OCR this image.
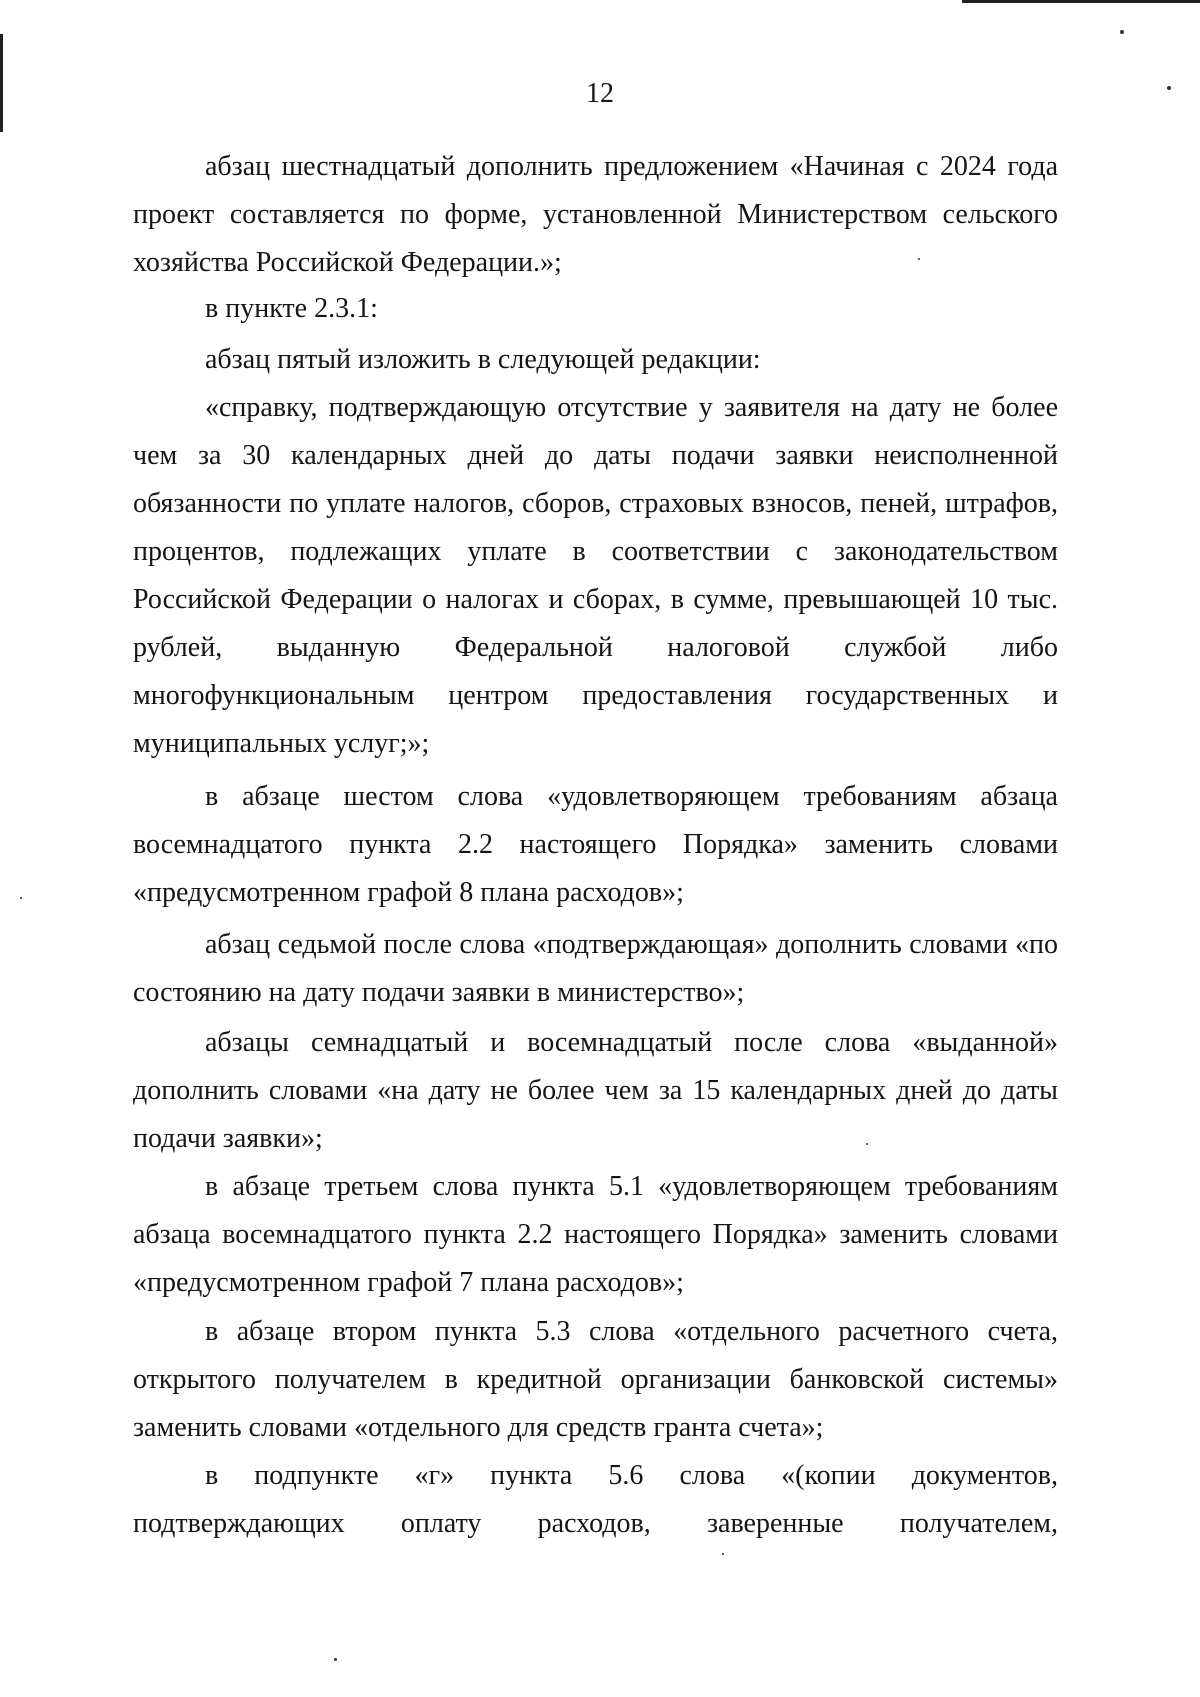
12

абзац шестнадцатый дополнить предложением «Начиная с 2024 года проект составляется по форме, установленной Министерством сельского хозяйства Российской Федерации.»;

в пункте 2.3.1:

абзац пятый изложить в следующей редакции:

«справку, подтверждающую отсутствие у заявителя на дату не более чем за 30 календарных дней до даты подачи заявки неисполненной обязанности по уплате налогов, сборов, страховых взносов, пеней, штрафов, процентов, подлежащих уплате в соответствии с законодательством Российской Федерации о налогах и сборах, в сумме, превышающей 10 тыс. рублей, выданную Федеральной налоговой службой либо многофункциональным центром предоставления государственных и муниципальных услуг;»;

в абзаце шестом слова «удовлетворяющем требованиям абзаца восемнадцатого пункта 2.2 настоящего Порядка» заменить словами «предусмотренном графой 8 плана расходов»;

абзац седьмой после слова «подтверждающая» дополнить словами «по состоянию на дату подачи заявки в министерство»;

абзацы семнадцатый и восемнадцатый после слова «выданной» дополнить словами «на дату не более чем за 15 календарных дней до даты подачи заявки»;

в абзаце третьем слова пункта 5.1 «удовлетворяющем требованиям абзаца восемнадцатого пункта 2.2 настоящего Порядка» заменить словами «предусмотренном графой 7 плана расходов»;

в абзаце втором пункта 5.3 слова «отдельного расчетного счета, открытого получателем в кредитной организации банковской системы» заменить словами «отдельного для средств гранта счета»;

в подпункте «г» пункта 5.6 слова «(копии документов, подтверждающих оплату расходов, заверенные получателем,
